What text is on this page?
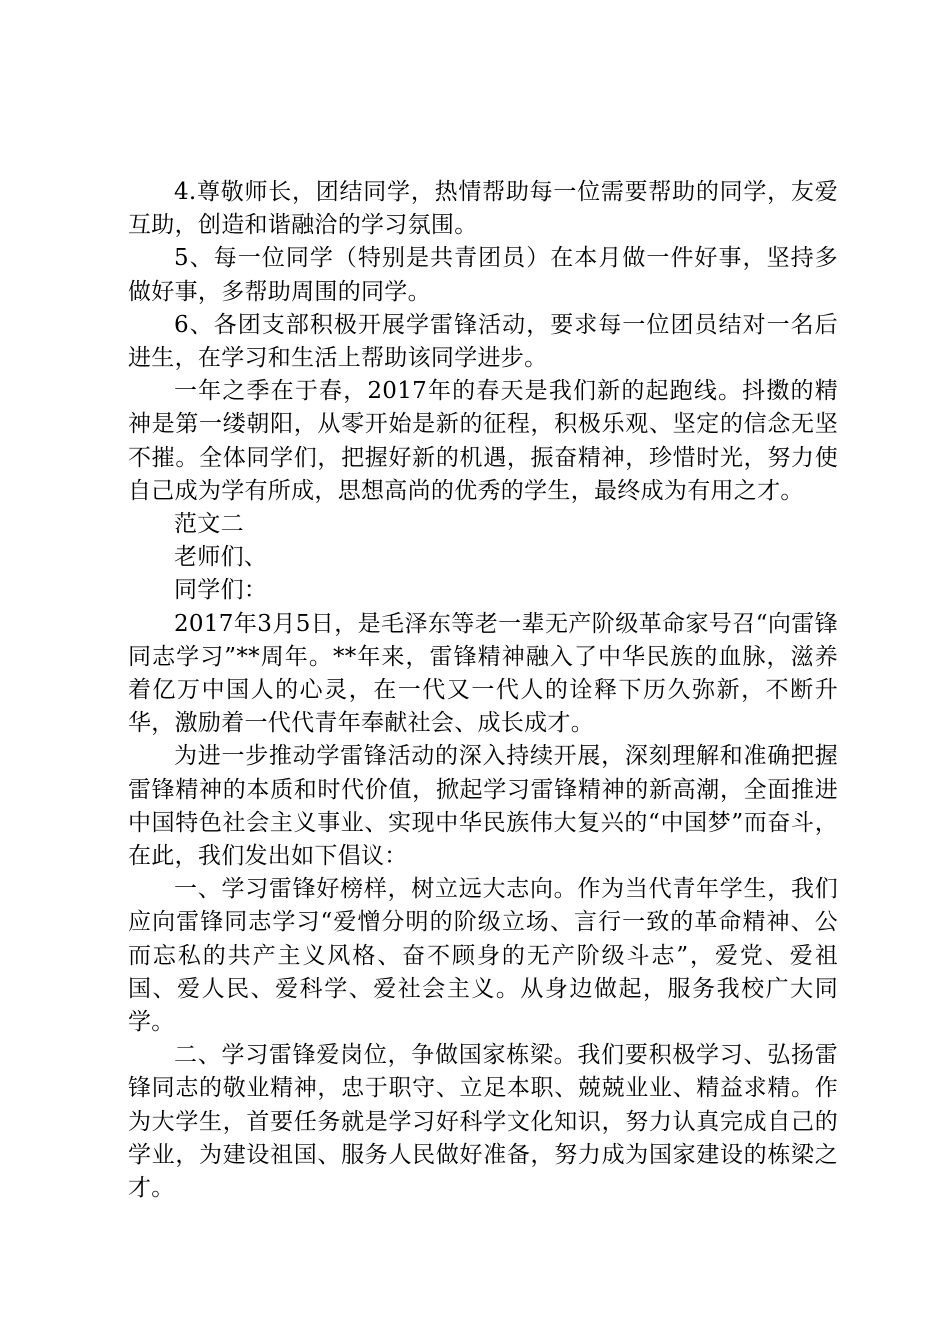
4.尊敬师长，团结同学，热情帮助每一位需要帮助的同学，友爱互助，创造和谐融洽的学习氛围。

5、每一位同学（特别是共青团员）在本月做一件好事，坚持多做好事，多帮助周围的同学。

6、各团支部积极开展学雷锋活动，要求每一位团员结对一名后进生，在学习和生活上帮助该同学进步。

一年之季在于春，2017年的春天是我们新的起跑线。抖擞的精神是第一缕朝阳，从零开始是新的征程，积极乐观、坚定的信念无坚不摧。全体同学们，把握好新的机遇，振奋精神，珍惜时光，努力使自己成为学有所成，思想高尚的优秀的学生，最终成为有用之才。

范文二

老师们、

同学们：

2017年3月5日，是毛泽东等老一辈无产阶级革命家号召“向雷锋同志学习”**周年。**年来，雷锋精神融入了中华民族的血脉，滋养着亿万中国人的心灵，在一代又一代人的诠释下历久弥新，不断升华，激励着一代代青年奉献社会、成长成才。

为进一步推动学雷锋活动的深入持续开展，深刻理解和准确把握雷锋精神的本质和时代价值，掀起学习雷锋精神的新高潮，全面推进中国特色社会主义事业、实现中华民族伟大复兴的“中国梦”而奋斗，在此，我们发出如下倡议：

一、学习雷锋好榜样，树立远大志向。作为当代青年学生，我们应向雷锋同志学习“爱憎分明的阶级立场、言行一致的革命精神、公而忘私的共产主义风格、奋不顾身的无产阶级斗志”，爱党、爱祖国、爱人民、爱科学、爱社会主义。从身边做起，服务我校广大同学。

二、学习雷锋爱岗位，争做国家栋梁。我们要积极学习、弘扬雷锋同志的敬业精神，忠于职守、立足本职、兢兢业业、精益求精。作为大学生，首要任务就是学习好科学文化知识，努力认真完成自己的学业，为建设祖国、服务人民做好准备，努力成为国家建设的栋梁之才。
